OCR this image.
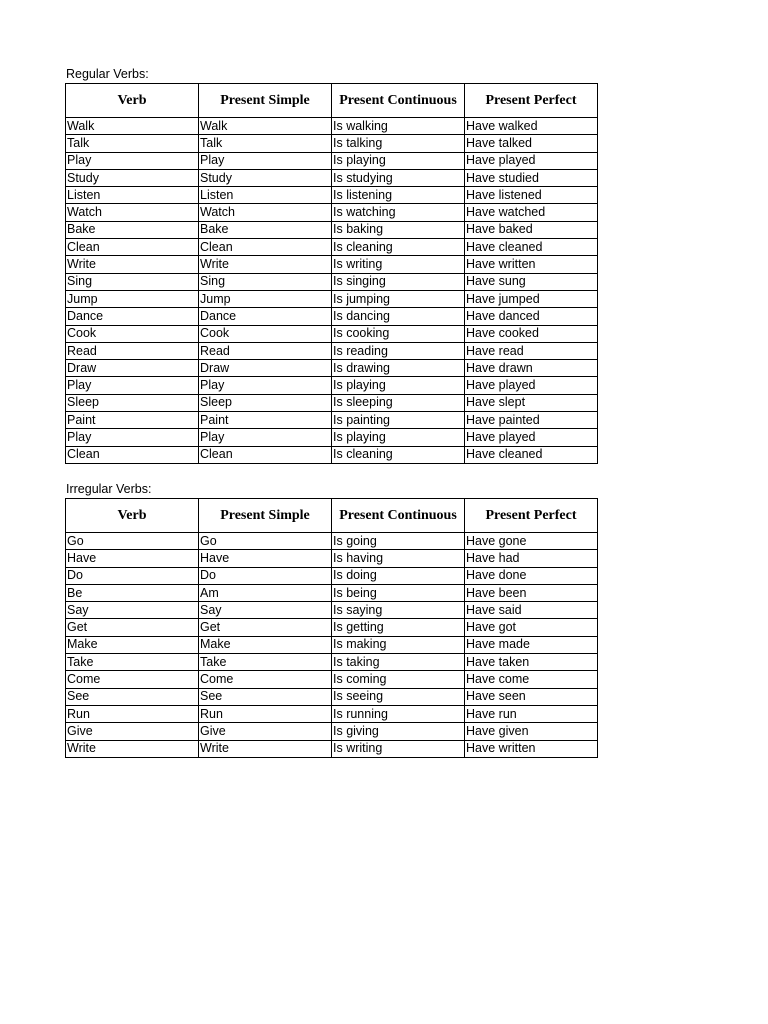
Regular Verbs:
Verb	Present Simple	Present Continuous	Present Perfect
Walk	Walk	Is walking	Have walked
Talk	Talk	Is talking	Have talked
Play	Play	Is playing	Have played
Study	Study	Is studying	Have studied
Listen	Listen	Is listening	Have listened
Watch	Watch	Is watching	Have watched
Bake	Bake	Is baking	Have baked
Clean	Clean	Is cleaning	Have cleaned
Write	Write	Is writing	Have written
Sing	Sing	Is singing	Have sung
Jump	Jump	Is jumping	Have jumped
Dance	Dance	Is dancing	Have danced
Cook	Cook	Is cooking	Have cooked
Read	Read	Is reading	Have read
Draw	Draw	Is drawing	Have drawn
Play	Play	Is playing	Have played
Sleep	Sleep	Is sleeping	Have slept
Paint	Paint	Is painting	Have painted
Play	Play	Is playing	Have played
Clean	Clean	Is cleaning	Have cleaned
Irregular Verbs:
Verb	Present Simple	Present Continuous	Present Perfect
Go	Go	Is going	Have gone
Have	Have	Is having	Have had
Do	Do	Is doing	Have done
Be	Am	Is being	Have been
Say	Say	Is saying	Have said
Get	Get	Is getting	Have got
Make	Make	Is making	Have made
Take	Take	Is taking	Have taken
Come	Come	Is coming	Have come
See	See	Is seeing	Have seen
Run	Run	Is running	Have run
Give	Give	Is giving	Have given
Write	Write	Is writing	Have written
